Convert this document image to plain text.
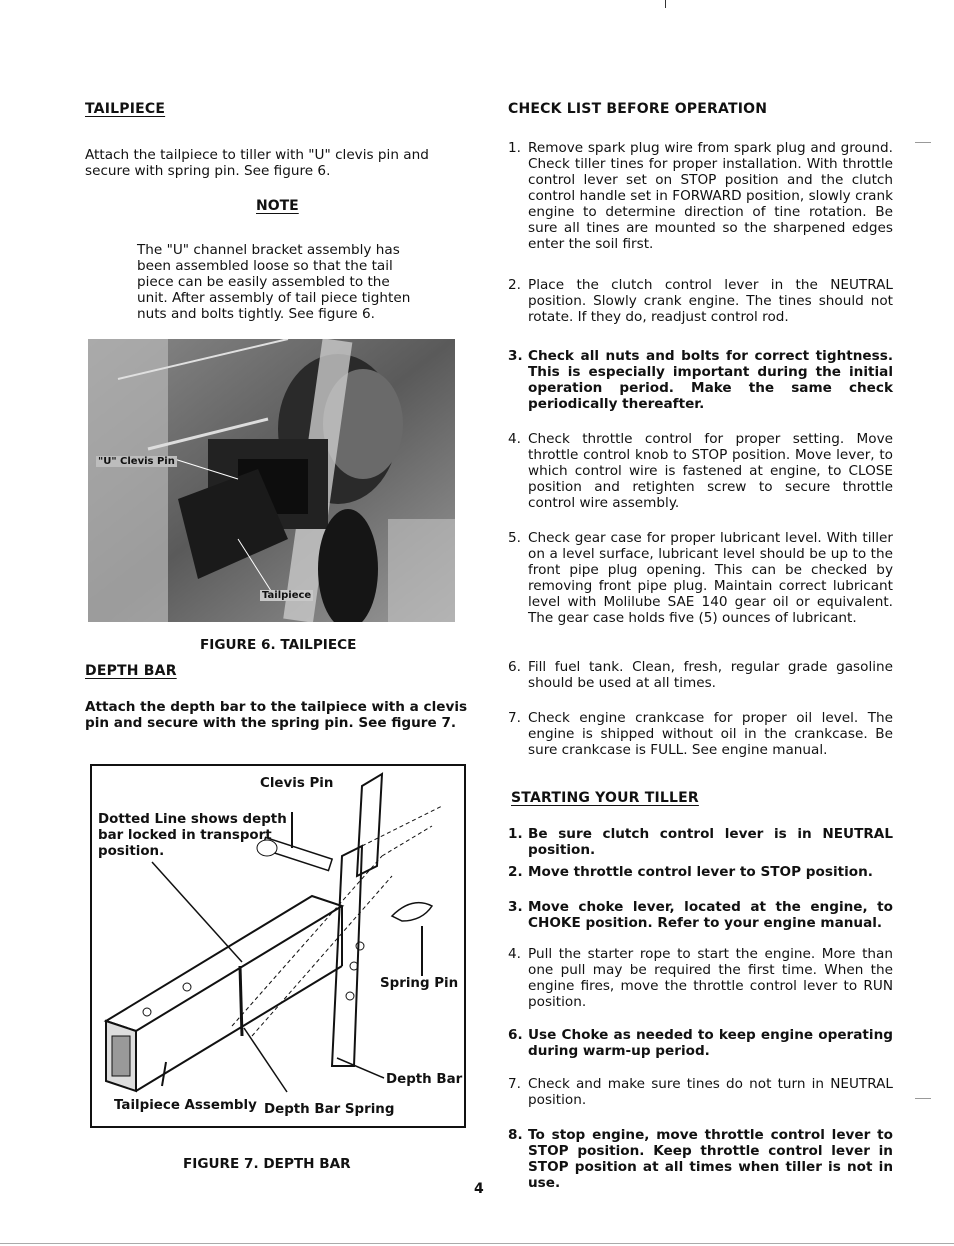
TAILPIECE

Attach the tailpiece to tiller with "U" clevis pin and
secure with spring pin. See figure 6.

NOTE

The "U" channel bracket assembly has
been assembled loose so that the tail
piece can be easily assembled to the
unit. After assembly of tail piece tighten
nuts and bolts tightly. See figure 6.

"U" Clevis Pin
Tailpiece
FIGURE 6. TAILPIECE
DEPTH BAR

Attach the depth bar to the tailpiece with a clevis
pin and secure with the spring pin. See figure 7.

Clevis Pin
Dotted Line shows depth
bar locked in transport
position.
Spring Pin
Depth Bar
Tailpiece Assembly Depth Bar Spring
FIGURE 7. DEPTH BAR
CHECK LIST BEFORE OPERATION
1. Remove spark plug wire from spark plug and ground. Check tiller tines for proper installation. With throttle control lever set on STOP position and the clutch control handle set in FORWARD position, slowly crank engine to determine direction of tine rotation. Be sure all tines are mounted so the sharpened edges enter the soil first.
2. Place the clutch control lever in the NEUTRAL position. Slowly crank engine. The tines should not rotate. If they do, readjust control rod.
3. Check all nuts and bolts for correct tightness. This is especially important during the initial operation period. Make the same check periodically thereafter.
4. Check throttle control for proper setting. Move throttle control knob to STOP position. Move lever, to which control wire is fastened at engine, to CLOSE position and retighten screw to secure throttle control wire assembly.
5. Check gear case for proper lubricant level. With tiller on a level surface, lubricant level should be up to the front pipe plug opening. This can be checked by removing front pipe plug. Maintain correct lubricant level with Molilube SAE 140 gear oil or equivalent. The gear case holds five (5) ounces of lubricant.
6. Fill fuel tank. Clean, fresh, regular grade gasoline should be used at all times.
7. Check engine crankcase for proper oil level. The engine is shipped without oil in the crankcase. Be sure crankcase is FULL. See engine manual.
STARTING YOUR TILLER
1. Be sure clutch control lever is in NEUTRAL position.
2. Move throttle control lever to STOP position.
3. Move choke lever, located at the engine, to CHOKE position. Refer to your engine manual.
4. Pull the starter rope to start the engine. More than one pull may be required the first time. When the engine fires, move the throttle control lever to RUN position.
6. Use Choke as needed to keep engine operating during warm-up period.
7. Check and make sure tines do not turn in NEUTRAL position.
8. To stop engine, move throttle control lever to STOP position. Keep throttle control lever in STOP position at all times when tiller is not in use.
4
